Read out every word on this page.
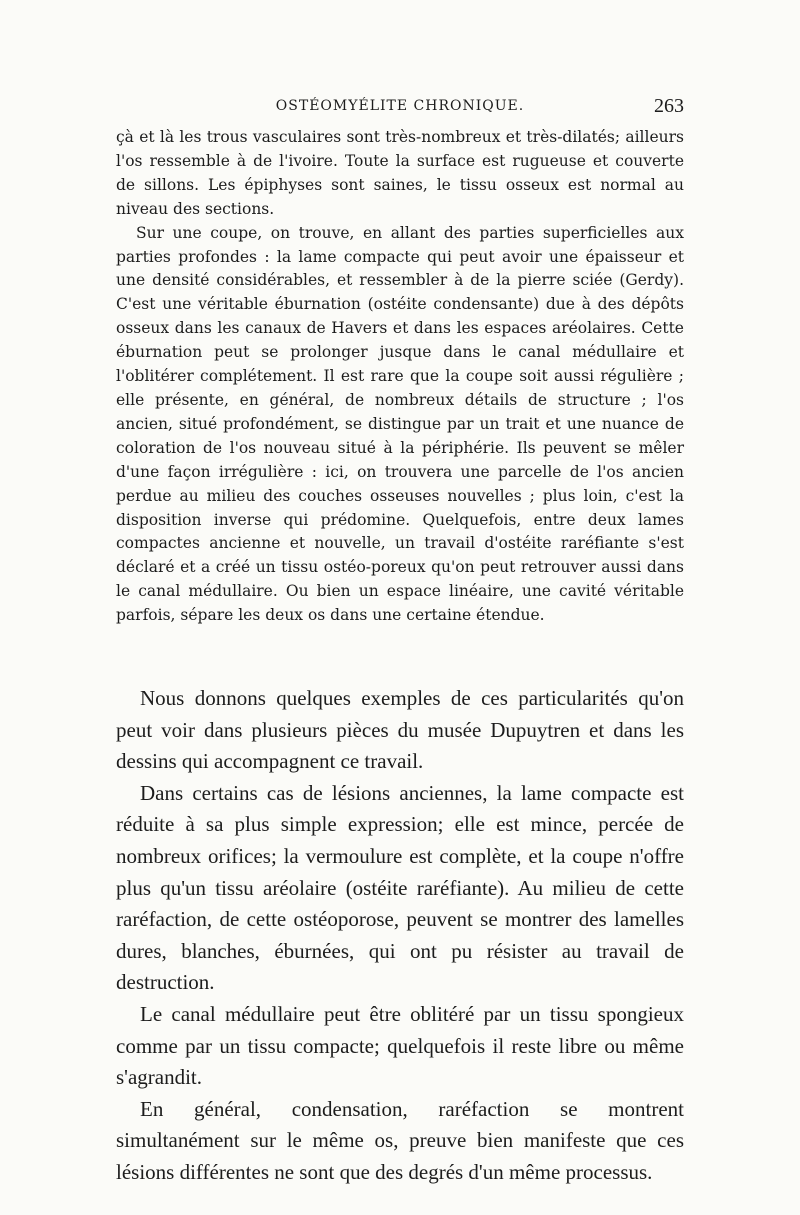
OSTÉOMYÉLITE CHRONIQUE.	263

çà et là les trous vasculaires sont très-nombreux et très-dilatés; ailleurs l'os ressemble à de l'ivoire. Toute la surface est rugueuse et couverte de sillons. Les épiphyses sont saines, le tissu osseux est normal au niveau des sections.

Sur une coupe, on trouve, en allant des parties superficielles aux parties profondes : la lame compacte qui peut avoir une épaisseur et une densité considérables, et ressembler à de la pierre sciée (Gerdy). C'est une véritable éburnation (ostéite condensante) due à des dépôts osseux dans les canaux de Havers et dans les espaces aréolaires. Cette éburnation peut se prolonger jusque dans le canal médullaire et l'oblitérer complétement. Il est rare que la coupe soit aussi régulière ; elle présente, en général, de nombreux détails de structure ; l'os ancien, situé profondément, se distingue par un trait et une nuance de coloration de l'os nouveau situé à la périphérie. Ils peuvent se mêler d'une façon irrégulière : ici, on trouvera une parcelle de l'os ancien perdue au milieu des couches osseuses nouvelles ; plus loin, c'est la disposition inverse qui prédomine. Quelquefois, entre deux lames compactes ancienne et nouvelle, un travail d'ostéite raréfiante s'est déclaré et a créé un tissu ostéo-poreux qu'on peut retrouver aussi dans le canal médullaire. Ou bien un espace linéaire, une cavité véritable parfois, sépare les deux os dans une certaine étendue.

Nous donnons quelques exemples de ces particularités qu'on peut voir dans plusieurs pièces du musée Dupuytren et dans les dessins qui accompagnent ce travail.

Dans certains cas de lésions anciennes, la lame compacte est réduite à sa plus simple expression; elle est mince, percée de nombreux orifices; la vermoulure est complète, et la coupe n'offre plus qu'un tissu aréolaire (ostéite raréfiante). Au milieu de cette raréfaction, de cette ostéoporose, peuvent se montrer des lamelles dures, blanches, éburnées, qui ont pu résister au travail de destruction.

Le canal médullaire peut être oblitéré par un tissu spongieux comme par un tissu compacte; quelquefois il reste libre ou même s'agrandit.

En général, condensation, raréfaction se montrent simultanément sur le même os, preuve bien manifeste que ces lésions différentes ne sont que des degrés d'un même processus.
